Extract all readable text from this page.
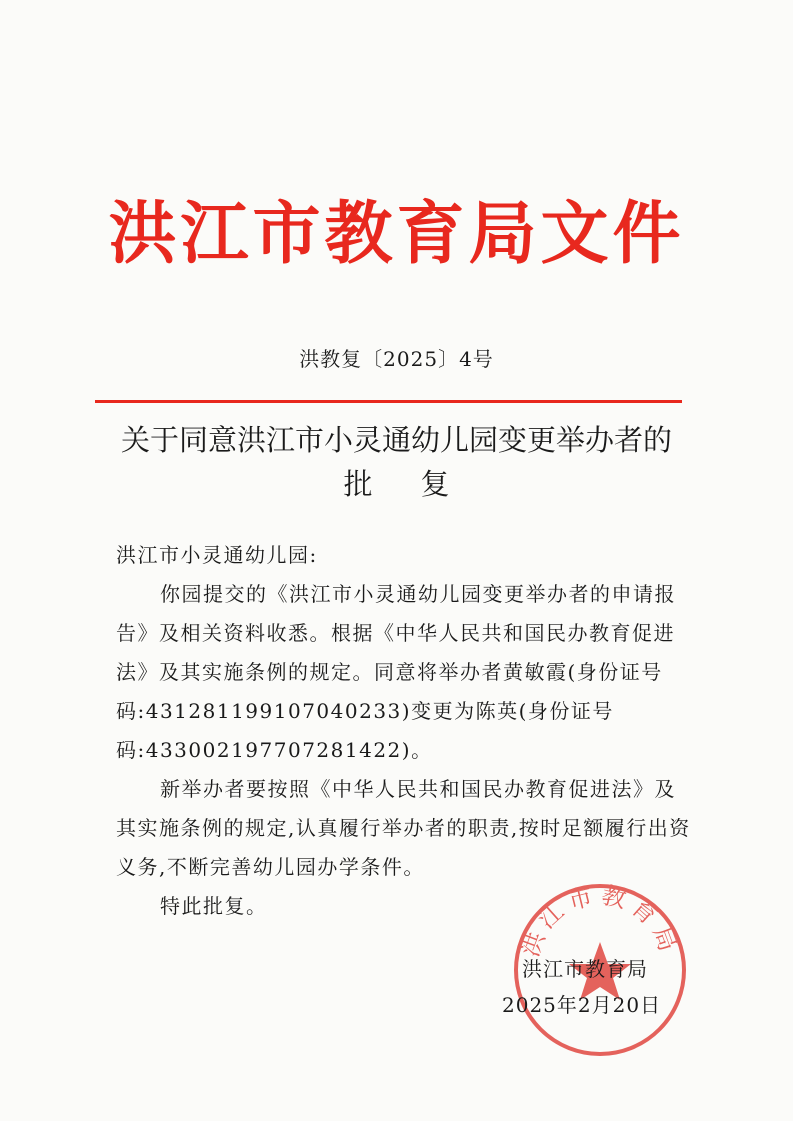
洪江市教育局文件
洪教复〔2025〕4号
关于同意洪江市小灵通幼儿园变更举办者的
批复

洪江市小灵通幼儿园:

你园提交的《洪江市小灵通幼儿园变更举办者的申请报告》及相关资料收悉。根据《中华人民共和国民办教育促进法》及其实施条例的规定。同意将举办者黄敏霞(身份证号码:431281199107040233)变更为陈英(身份证号码:433002197707281422)。

新举办者要按照《中华人民共和国民办教育促进法》及其实施条例的规定,认真履行举办者的职责,按时足额履行出资义务,不断完善幼儿园办学条件。

特此批复。

洪江市教育局
洪江市教育局
2025年2月20日
